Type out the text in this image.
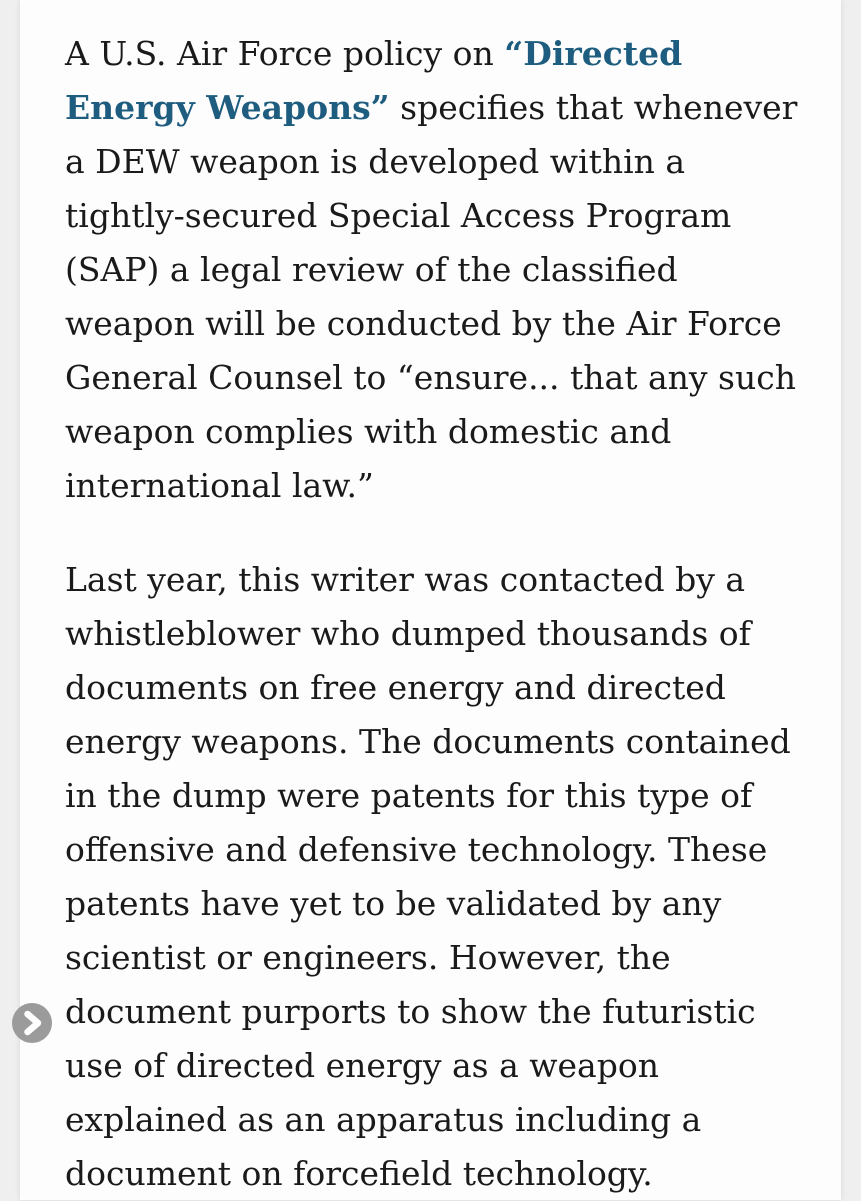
A U.S. Air Force policy on “Directed Energy Weapons” specifies that whenever a DEW weapon is developed within a tightly-secured Special Access Program (SAP) a legal review of the classified weapon will be conducted by the Air Force General Counsel to “ensure... that any such weapon complies with domestic and international law.”

Last year, this writer was contacted by a whistleblower who dumped thousands of documents on free energy and directed energy weapons. The documents contained in the dump were patents for this type of offensive and defensive technology. These patents have yet to be validated by any scientist or engineers. However, the document purports to show the futuristic use of directed energy as a weapon explained as an apparatus including a document on forcefield technology.
